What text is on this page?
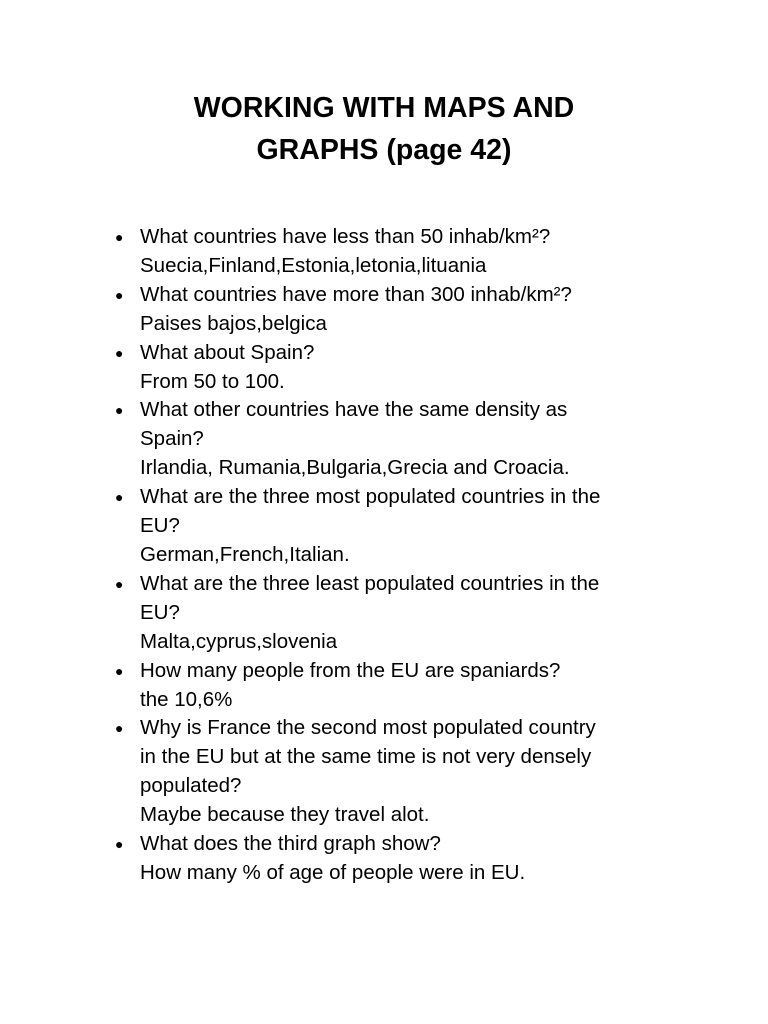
WORKING WITH MAPS AND
GRAPHS (page 42)
● What countries have less than 50 inhab/km²?
Suecia,Finland,Estonia,letonia,lituania
● What countries have more than 300 inhab/km²?
Paises bajos,belgica
● What about Spain?
From 50 to 100.
● What other countries have the same density as
Spain?
Irlandia, Rumania,Bulgaria,Grecia and Croacia.
● What are the three most populated countries in the
EU?
German,French,Italian.
● What are the three least populated countries in the
EU?
Malta,cyprus,slovenia
● How many people from the EU are spaniards?
the 10,6%
● Why is France the second most populated country
in the EU but at the same time is not very densely
populated?
Maybe because they travel alot.
● What does the third graph show?
How many % of age of people were in EU.
